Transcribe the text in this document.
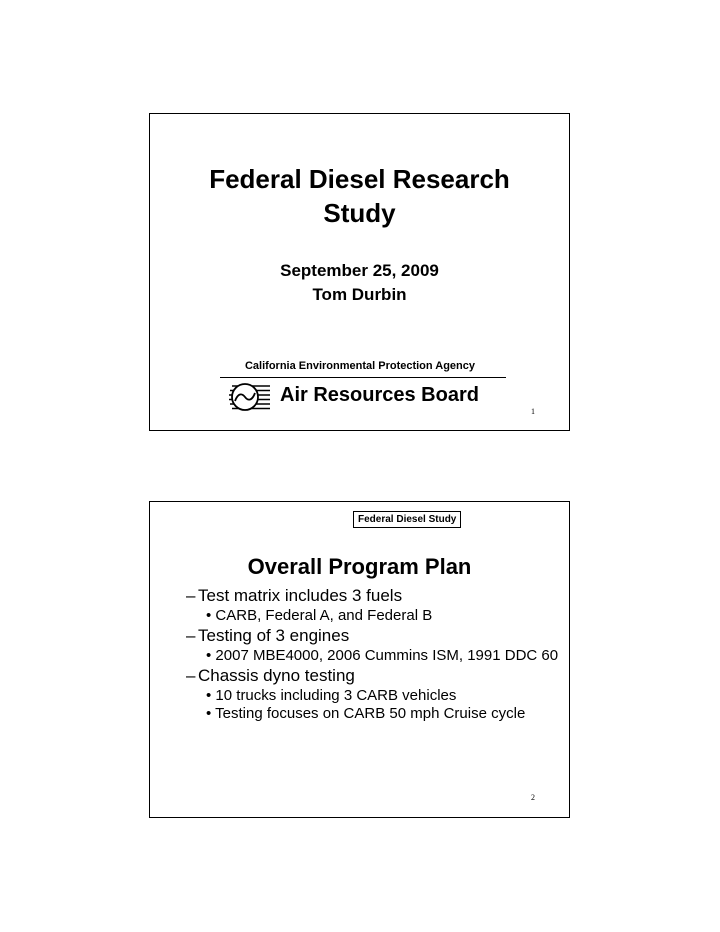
Federal Diesel Research
Study
September 25, 2009
Tom Durbin
California Environmental Protection Agency
Air Resources Board
1
Federal Diesel Study
Overall Program Plan
– Test matrix includes 3 fuels
• CARB, Federal A, and Federal B
– Testing of 3 engines
• 2007 MBE4000, 2006 Cummins ISM, 1991 DDC 60
– Chassis dyno testing
• 10 trucks including 3 CARB vehicles
• Testing focuses on CARB 50 mph Cruise cycle
2
